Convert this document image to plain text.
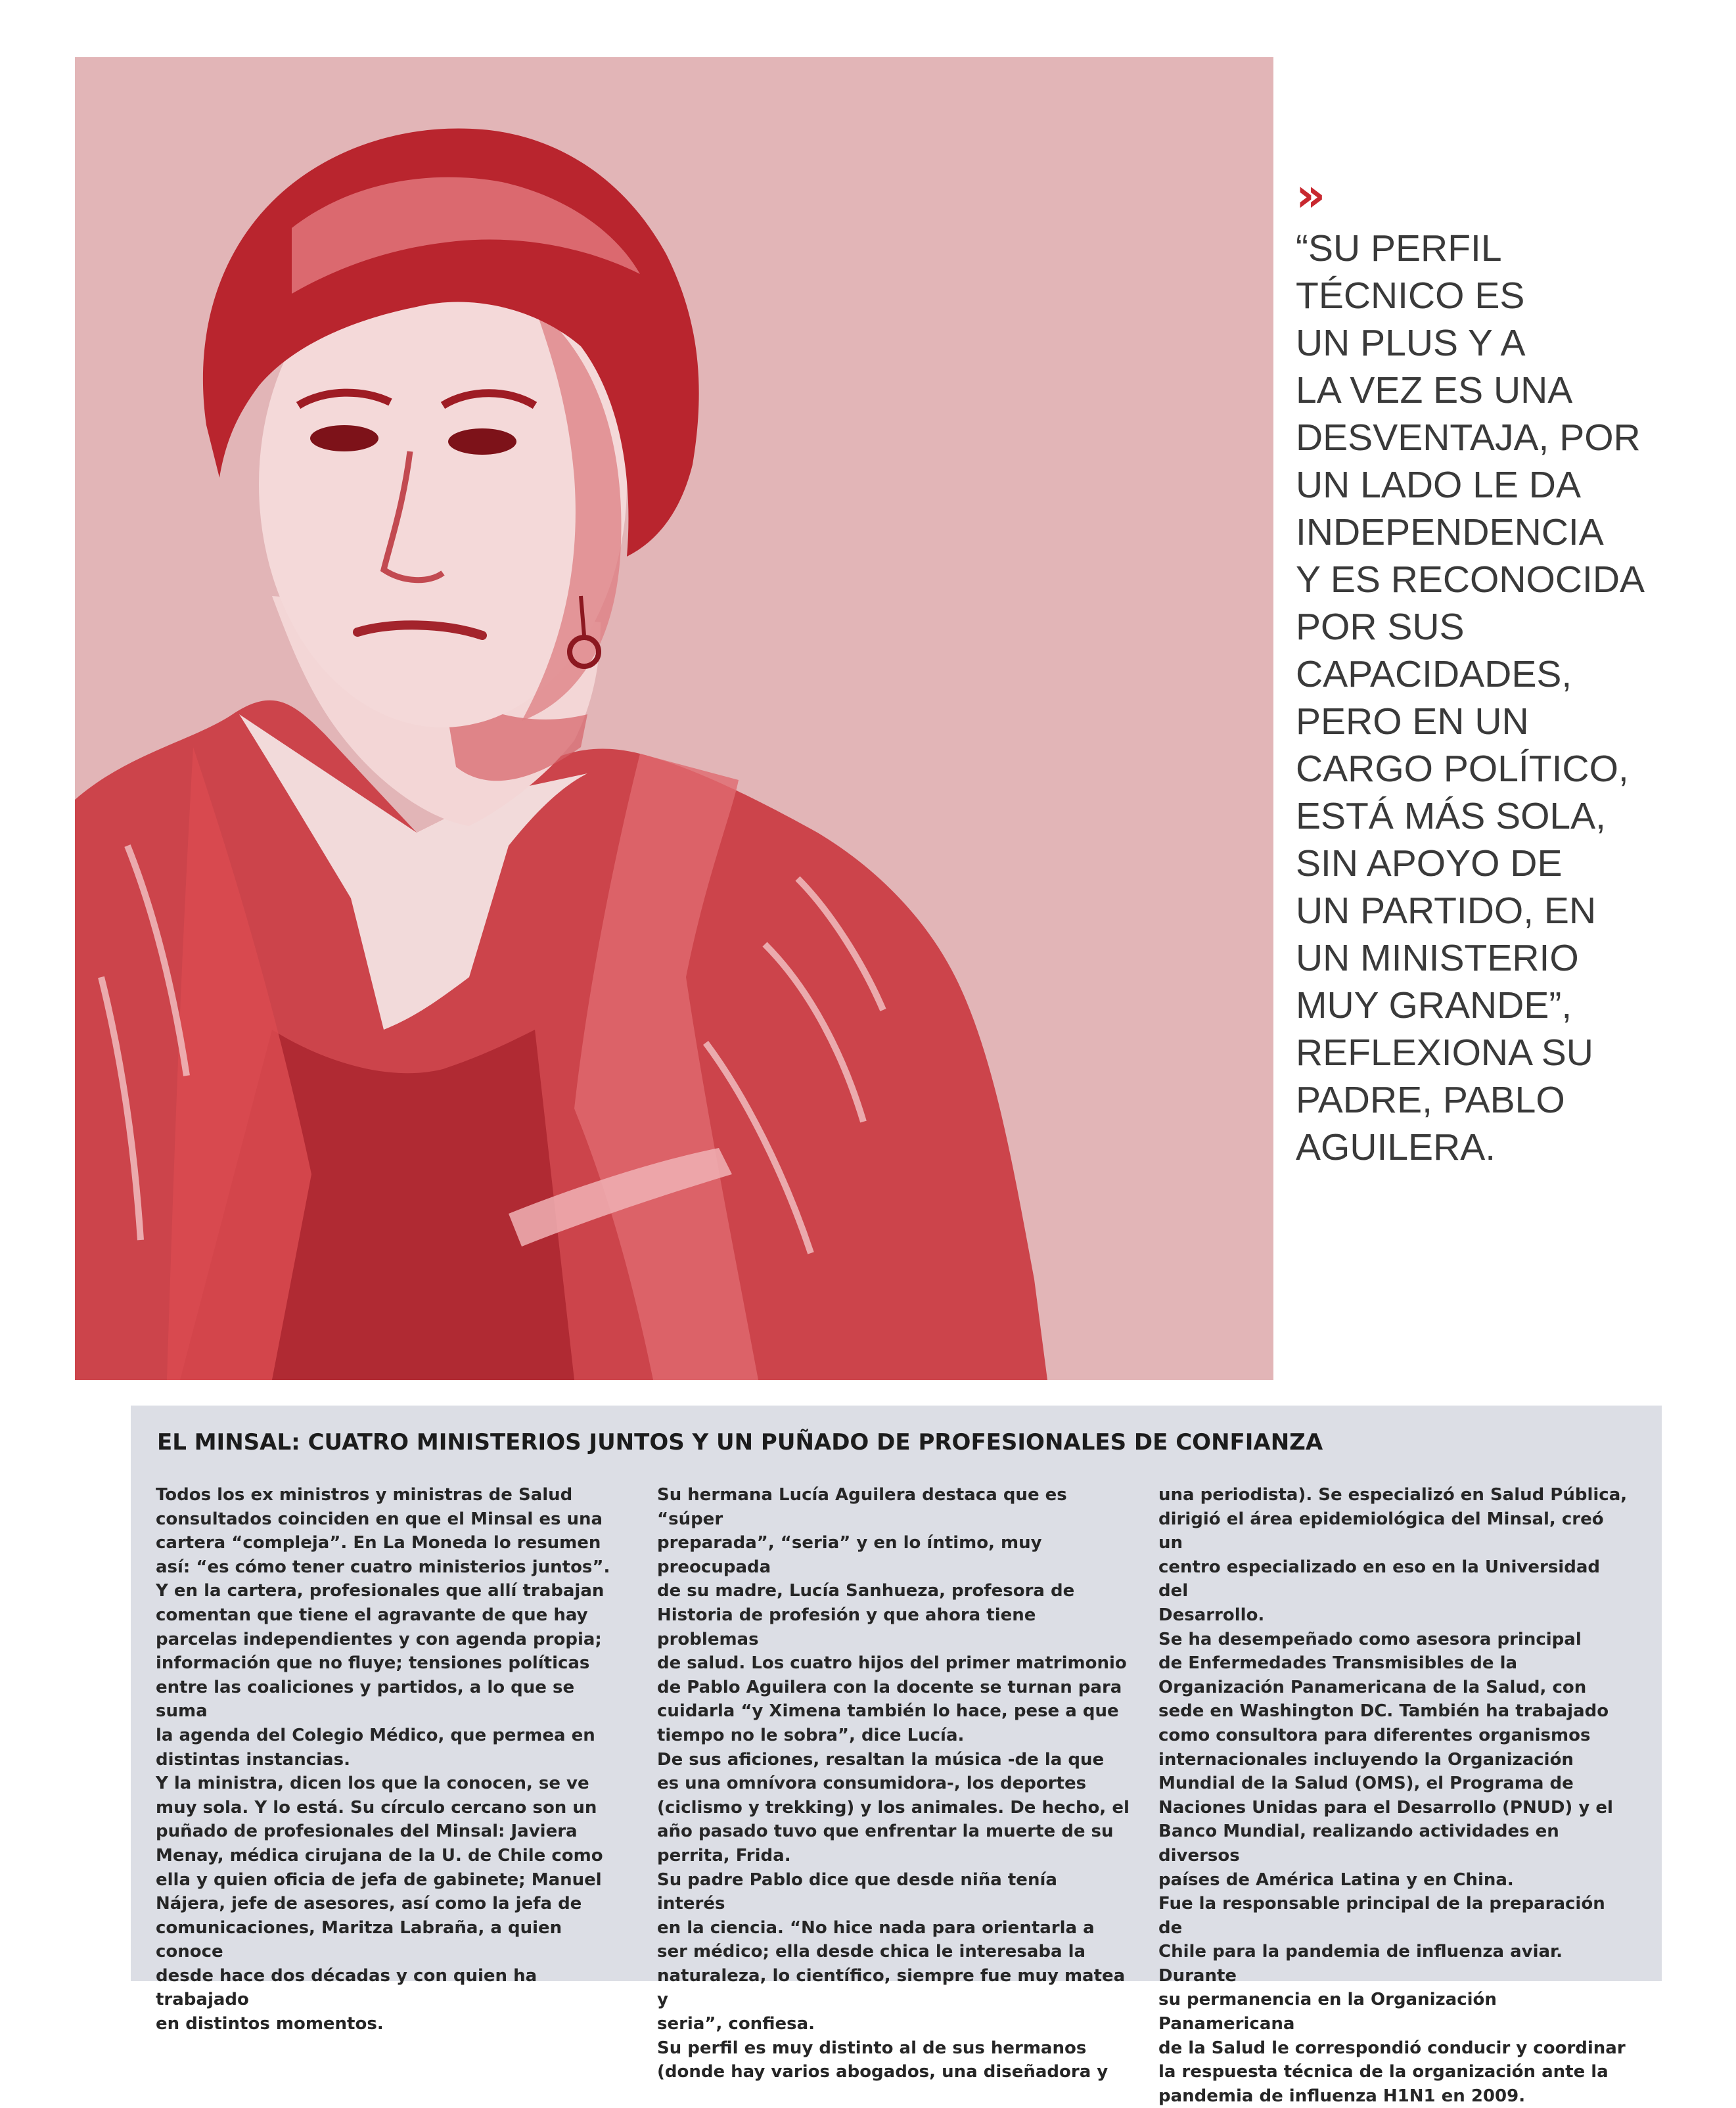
»
“SU PERFIL
TÉCNICO ES
UN PLUS Y A
LA VEZ ES UNA
DESVENTAJA, POR
UN LADO LE DA
INDEPENDENCIA
Y ES RECONOCIDA
POR SUS
CAPACIDADES,
PERO EN UN
CARGO POLÍTICO,
ESTÁ MÁS SOLA,
SIN APOYO DE
UN PARTIDO, EN
UN MINISTERIO
MUY GRANDE”,
REFLEXIONA SU
PADRE, PABLO
AGUILERA.
EL MINSAL: CUATRO MINISTERIOS JUNTOS Y UN PUÑADO DE PROFESIONALES DE CONFIANZA
Todos los ex ministros y ministras de Salud
consultados coinciden en que el Minsal es una
cartera “compleja”. En La Moneda lo resumen
así: “es cómo tener cuatro ministerios juntos”.
Y en la cartera, profesionales que allí trabajan
comentan que tiene el agravante de que hay
parcelas independientes y con agenda propia;
información que no fluye; tensiones políticas
entre las coaliciones y partidos, a lo que se suma
la agenda del Colegio Médico, que permea en
distintas instancias.
Y la ministra, dicen los que la conocen, se ve
muy sola. Y lo está. Su círculo cercano son un
puñado de profesionales del Minsal: Javiera
Menay, médica cirujana de la U. de Chile como
ella y quien oficia de jefa de gabinete; Manuel
Nájera, jefe de asesores, así como la jefa de
comunicaciones, Maritza Labraña, a quien conoce
desde hace dos décadas y con quien ha trabajado
en distintos momentos.
Su hermana Lucía Aguilera destaca que es “súper
preparada”, “seria” y en lo íntimo, muy preocupada
de su madre, Lucía Sanhueza, profesora de
Historia de profesión y que ahora tiene problemas
de salud. Los cuatro hijos del primer matrimonio
de Pablo Aguilera con la docente se turnan para
cuidarla “y Ximena también lo hace, pese a que
tiempo no le sobra”, dice Lucía.
De sus aficiones, resaltan la música -de la que
es una omnívora consumidora-, los deportes
(ciclismo y trekking) y los animales. De hecho, el
año pasado tuvo que enfrentar la muerte de su
perrita, Frida.
Su padre Pablo dice que desde niña tenía interés
en la ciencia. “No hice nada para orientarla a
ser médico; ella desde chica le interesaba la
naturaleza, lo científico, siempre fue muy matea y
seria”, confiesa.
Su perfil es muy distinto al de sus hermanos
(donde hay varios abogados, una diseñadora y
una periodista). Se especializó en Salud Pública,
dirigió el área epidemiológica del Minsal, creó un
centro especializado en eso en la Universidad del
Desarrollo.
Se ha desempeñado como asesora principal
de Enfermedades Transmisibles de la
Organización Panamericana de la Salud, con
sede en Washington DC. También ha trabajado
como consultora para diferentes organismos
internacionales incluyendo la Organización
Mundial de la Salud (OMS), el Programa de
Naciones Unidas para el Desarrollo (PNUD) y el
Banco Mundial, realizando actividades en diversos
países de América Latina y en China.
Fue la responsable principal de la preparación de
Chile para la pandemia de influenza aviar. Durante
su permanencia en la Organización Panamericana
de la Salud le correspondió conducir y coordinar
la respuesta técnica de la organización ante la
pandemia de influenza H1N1 en 2009.
